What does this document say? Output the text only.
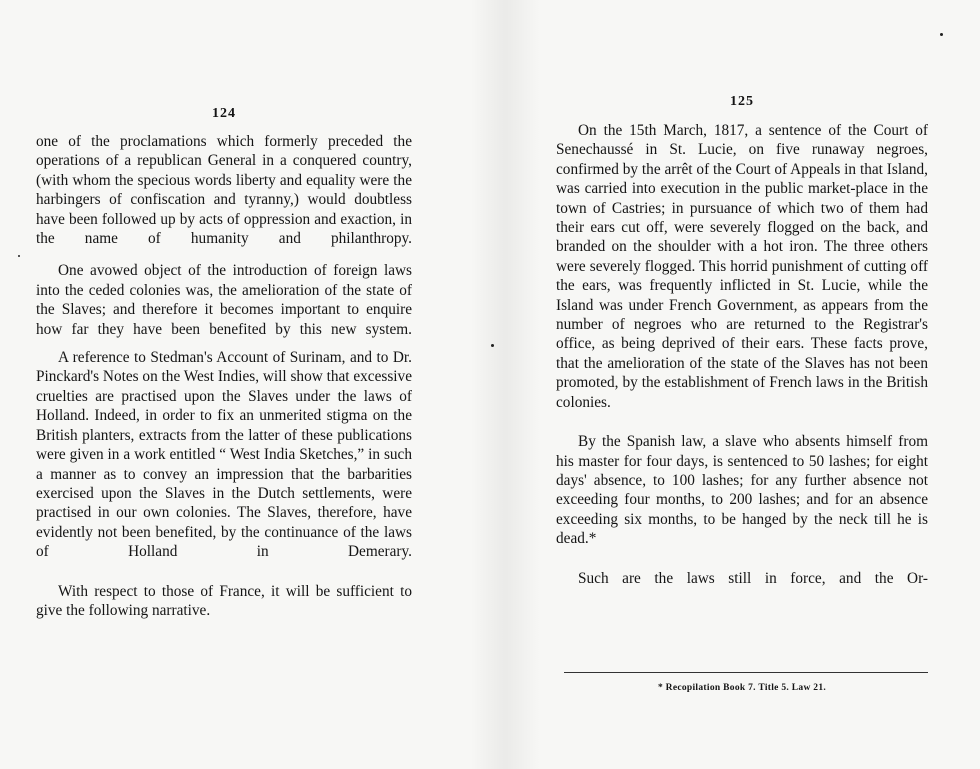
124

one of the proclamations which formerly preceded the operations of a republican General in a conquered country, (with whom the specious words liberty and equality were the harbingers of confiscation and tyranny,) would doubtless have been followed up by acts of oppression and exaction, in the name of humanity and philanthropy.

One avowed object of the introduction of foreign laws into the ceded colonies was, the amelioration of the state of the Slaves; and therefore it becomes important to enquire how far they have been benefited by this new system.

A reference to Stedman's Account of Surinam, and to Dr. Pinckard's Notes on the West Indies, will show that excessive cruelties are practised upon the Slaves under the laws of Holland. Indeed, in order to fix an unmerited stigma on the British planters, extracts from the latter of these publications were given in a work entitled “ West India Sketches,” in such a manner as to convey an impression that the barbarities exercised upon the Slaves in the Dutch settlements, were practised in our own colonies. The Slaves, therefore, have evidently not been benefited, by the continuance of the laws of Holland in Demerary.

With respect to those of France, it will be sufficient to give the following narrative.

125

On the 15th March, 1817, a sentence of the Court of Senechaussé in St. Lucie, on five runaway negroes, confirmed by the arrêt of the Court of Appeals in that Island, was carried into execution in the public market-place in the town of Castries; in pursuance of which two of them had their ears cut off, were severely flogged on the back, and branded on the shoulder with a hot iron. The three others were severely flogged. This horrid punishment of cutting off the ears, was frequently inflicted in St. Lucie, while the Island was under French Government, as appears from the number of negroes who are returned to the Registrar's office, as being deprived of their ears. These facts prove, that the amelioration of the state of the Slaves has not been promoted, by the establishment of French laws in the British colonies.

By the Spanish law, a slave who absents himself from his master for four days, is sentenced to 50 lashes; for eight days' absence, to 100 lashes; for any further absence not exceeding four months, to 200 lashes; and for an absence exceeding six months, to be hanged by the neck till he is dead.*

Such are the laws still in force, and the Or-

* Recopilation Book 7. Title 5. Law 21.
